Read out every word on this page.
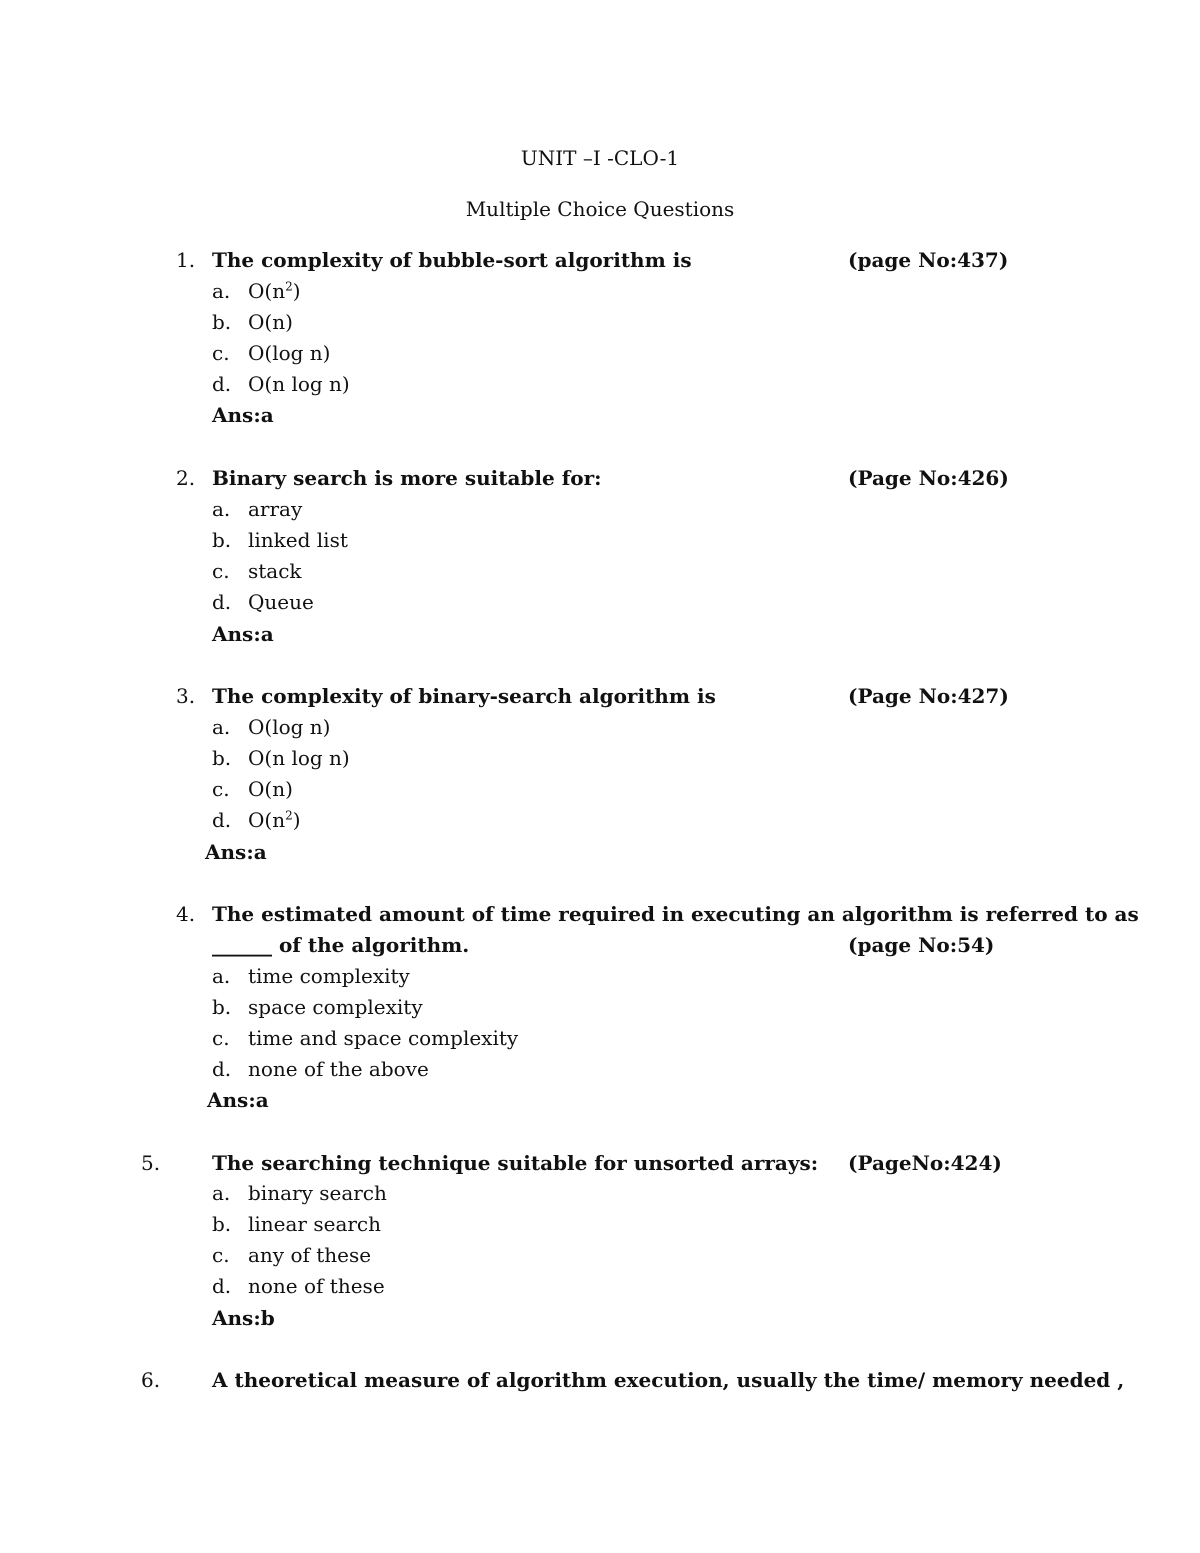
UNIT –I -CLO-1
Multiple Choice Questions
1. The complexity of bubble-sort algorithm is	(page No:437)
a. $O(n^2)$
b. O(n)
c. O(log n)
d. O(n log n)
Ans:a
2. Binary search is more suitable for:	(Page No:426)
a. array
b. linked list
c. stack
d. Queue
Ans:a
3. The complexity of binary-search algorithm is	(Page No:427)
a. O(log n)
b. O(n log n)
c. O(n)
d. $O(n^2)$
Ans:a
4. The estimated amount of time required in executing an algorithm is referred to as
______ of the algorithm.	(page No:54)
a. time complexity
b. space complexity
c. time and space complexity
d. none of the above
Ans:a
5.	The searching technique suitable for unsorted arrays: (PageNo:424)
a. binary search
b. linear search
c. any of these
d. none of these
Ans:b
6.	A theoretical measure of algorithm execution, usually the time/ memory needed ,
